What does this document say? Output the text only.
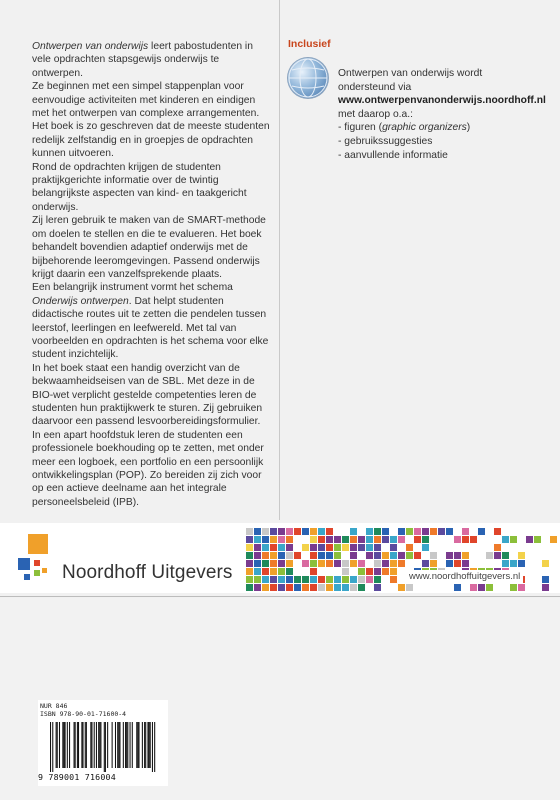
Ontwerpen van onderwijs leert pabostudenten in vele opdrachten stapsgewijs onderwijs te ontwerpen.

Ze beginnen met een simpel stappenplan voor eenvoudige activiteiten met kinderen en eindigen met het ontwerpen van complexe arrangementen.

Het boek is zo geschreven dat de meeste studenten redelijk zelfstandig en in groepjes de opdrachten kunnen uitvoeren.

Rond de opdrachten krijgen de studenten praktijkgerichte informatie over de twintig belangrijkste aspecten van kind- en taakgericht onderwijs.

Zij leren gebruik te maken van de SMART-methode om doelen te stellen en die te evalueren. Het boek behandelt bovendien adaptief onderwijs met de bijbehorende leeromgevingen. Passend onderwijs krijgt daarin een vanzelfsprekende plaats.

Een belangrijk instrument vormt het schema Onderwijs ontwerpen. Dat helpt studenten didactische routes uit te zetten die pendelen tussen leerstof, leerlingen en leefwereld. Met tal van voorbeelden en opdrachten is het schema voor elke student inzichtelijk.

In het boek staat een handig overzicht van de bekwaamheidseisen van de SBL. Met deze in de BIO-wet verplicht gestelde competenties leren de studenten hun praktijkwerk te sturen. Zij gebruiken daarvoor een passend lesvoorbereidingsformulier.

In een apart hoofdstuk leren de studenten een professionele boekhouding op te zetten, met onder meer een logboek, een portfolio en een persoonlijk ontwikkelingsplan (POP). Zo bereiden zij zich voor op een actieve deelname aan het integrale personeelsbeleid (IPB).

Inclusief
Ontwerpen van onderwijs wordt
ondersteund via
www.ontwerpenvanonderwijs.noordhoff.nl
met daarop o.a.:
- figuren (graphic organizers)
- gebruikssuggesties
- aanvullende informatie
Noordhoff Uitgevers	www.noordhoffuitgevers.nl
NUR 846
ISBN 978-90-01-71600-4
9 789001 716004
